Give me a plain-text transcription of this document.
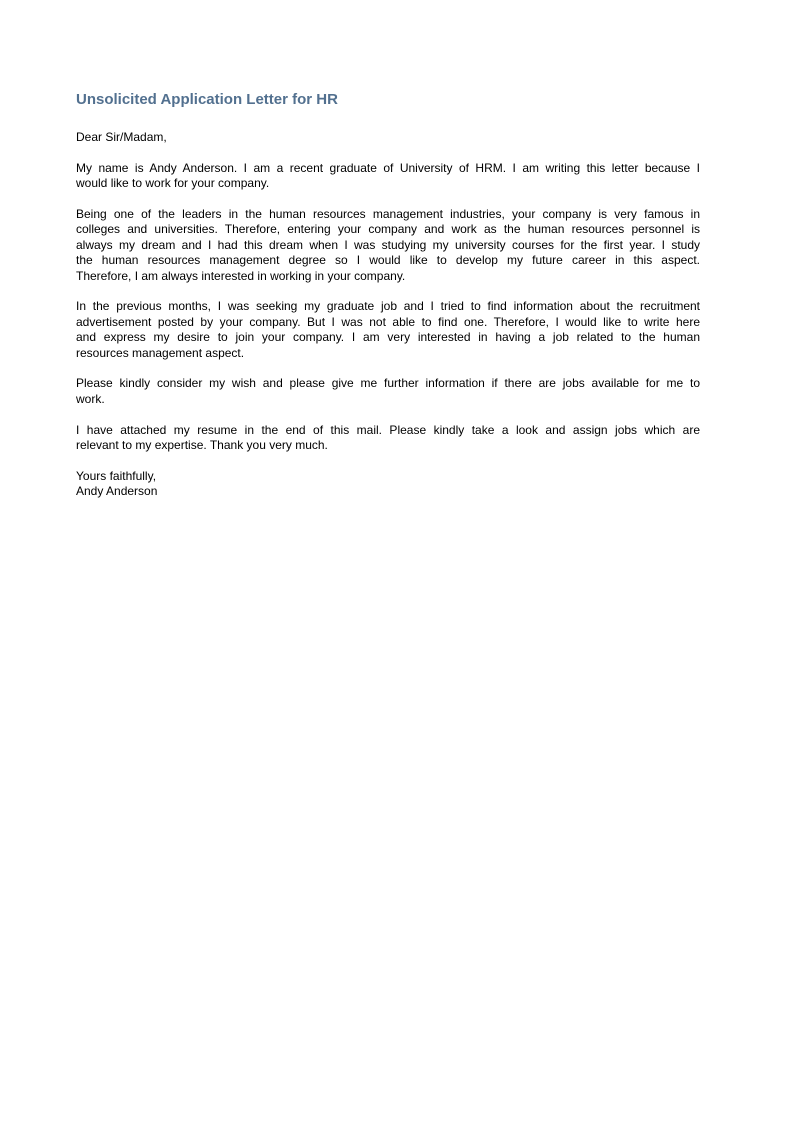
Unsolicited Application Letter for HR

Dear Sir/Madam,

My name is Andy Anderson. I am a recent graduate of University of HRM. I am writing this letter because I
would like to work for your company.

Being one of the leaders in the human resources management industries, your company is very famous in
colleges and universities. Therefore, entering your company and work as the human resources personnel is
always my dream and I had this dream when I was studying my university courses for the first year. I study
the human resources management degree so I would like to develop my future career in this aspect.
Therefore, I am always interested in working in your company.

In the previous months, I was seeking my graduate job and I tried to find information about the recruitment
advertisement posted by your company. But I was not able to find one. Therefore, I would like to write here
and express my desire to join your company. I am very interested in having a job related to the human
resources management aspect.

Please kindly consider my wish and please give me further information if there are jobs available for me to
work.

I have attached my resume in the end of this mail. Please kindly take a look and assign jobs which are
relevant to my expertise. Thank you very much.

Yours faithfully,
Andy Anderson
